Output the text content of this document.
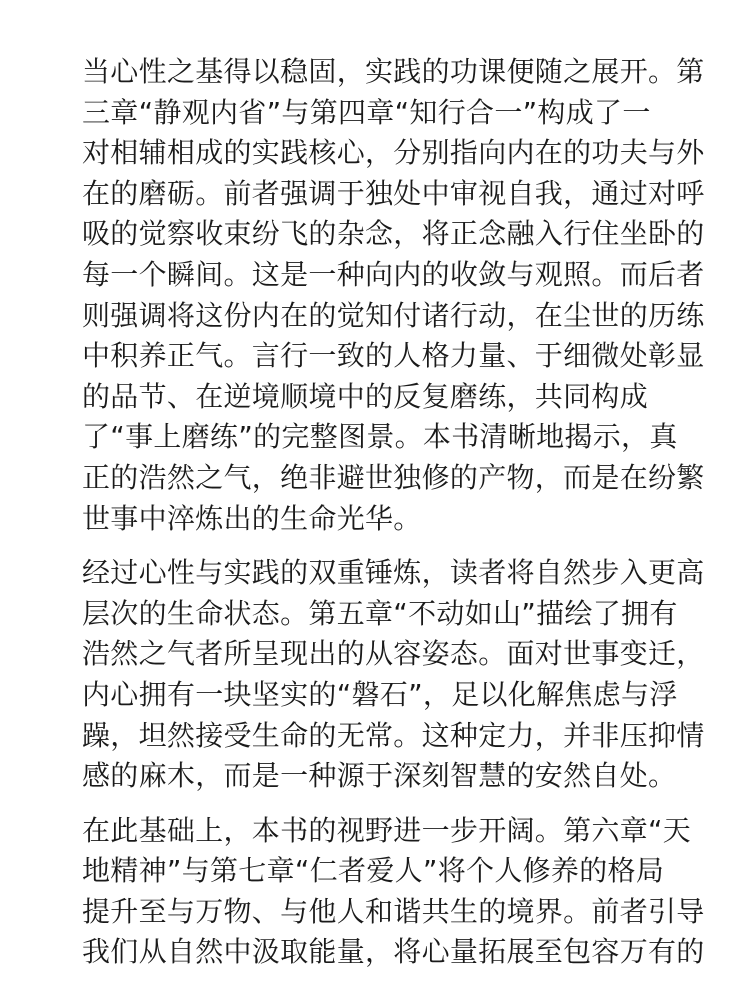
当心性之基得以稳固，实践的功课便随之展开。第
三章“静观内省”与第四章“知行合一”构成了一
对相辅相成的实践核心，分别指向内在的功夫与外
在的磨砺。前者强调于独处中审视自我，通过对呼
吸的觉察收束纷飞的杂念，将正念融入行住坐卧的
每一个瞬间。这是一种向内的收敛与观照。而后者
则强调将这份内在的觉知付诸行动，在尘世的历练
中积养正气。言行一致的人格力量、于细微处彰显
的品节、在逆境顺境中的反复磨练，共同构成
了“事上磨练”的完整图景。本书清晰地揭示，真
正的浩然之气，绝非避世独修的产物，而是在纷繁
世事中淬炼出的生命光华。
经过心性与实践的双重锤炼，读者将自然步入更高
层次的生命状态。第五章“不动如山”描绘了拥有
浩然之气者所呈现出的从容姿态。面对世事变迁，
内心拥有一块坚实的“磐石”，足以化解焦虑与浮
躁，坦然接受生命的无常。这种定力，并非压抑情
感的麻木，而是一种源于深刻智慧的安然自处。
在此基础上，本书的视野进一步开阔。第六章“天
地精神”与第七章“仁者爱人”将个人修养的格局
提升至与万物、与他人和谐共生的境界。前者引导
我们从自然中汲取能量，将心量拓展至包容万有的
